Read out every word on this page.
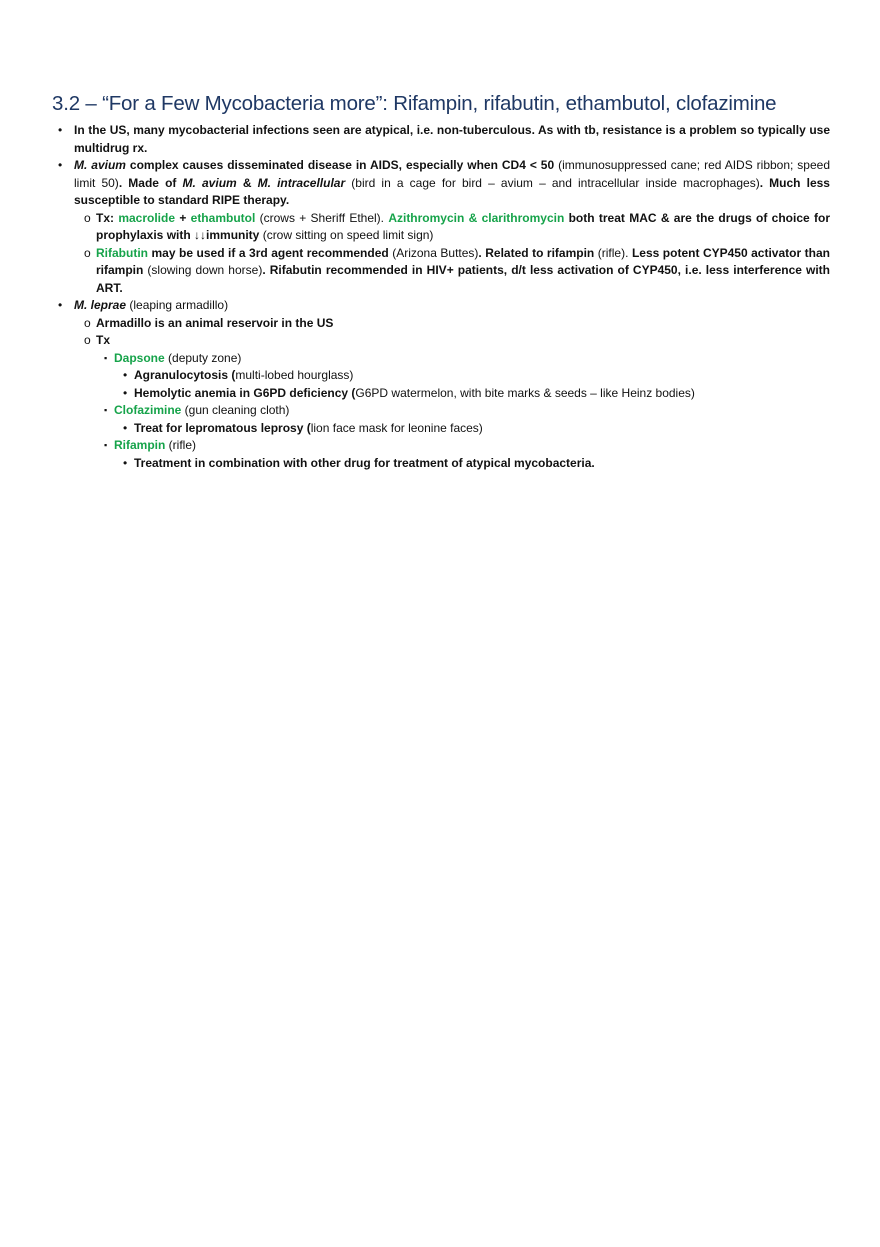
3.2 – “For a Few Mycobacteria more”: Rifampin, rifabutin, ethambutol, clofazimine
• In the US, many mycobacterial infections seen are atypical, i.e. non-tuberculous. As with tb, resistance is a problem so typically use multidrug rx.
• M. avium complex causes disseminated disease in AIDS, especially when CD4 < 50 (immunosuppressed cane; red AIDS ribbon; speed limit 50). Made of M. avium & M. intracellular (bird in a cage for bird – avium – and intracellular inside macrophages). Much less susceptible to standard RIPE therapy.
o Tx: macrolide + ethambutol (crows + Sheriff Ethel). Azithromycin & clarithromycin both treat MAC & are the drugs of choice for prophylaxis with ↓↓immunity (crow sitting on speed limit sign)
o Rifabutin may be used if a 3rd agent recommended (Arizona Buttes). Related to rifampin (rifle). Less potent CYP450 activator than rifampin (slowing down horse). Rifabutin recommended in HIV+ patients, d/t less activation of CYP450, i.e. less interference with ART.
• M. leprae (leaping armadillo)
o Armadillo is an animal reservoir in the US
o Tx
▪ Dapsone (deputy zone)
• Agranulocytosis (multi-lobed hourglass)
• Hemolytic anemia in G6PD deficiency (G6PD watermelon, with bite marks & seeds – like Heinz bodies)
▪ Clofazimine (gun cleaning cloth)
• Treat for lepromatous leprosy (lion face mask for leonine faces)
▪ Rifampin (rifle)
• Treatment in combination with other drug for treatment of atypical mycobacteria.
